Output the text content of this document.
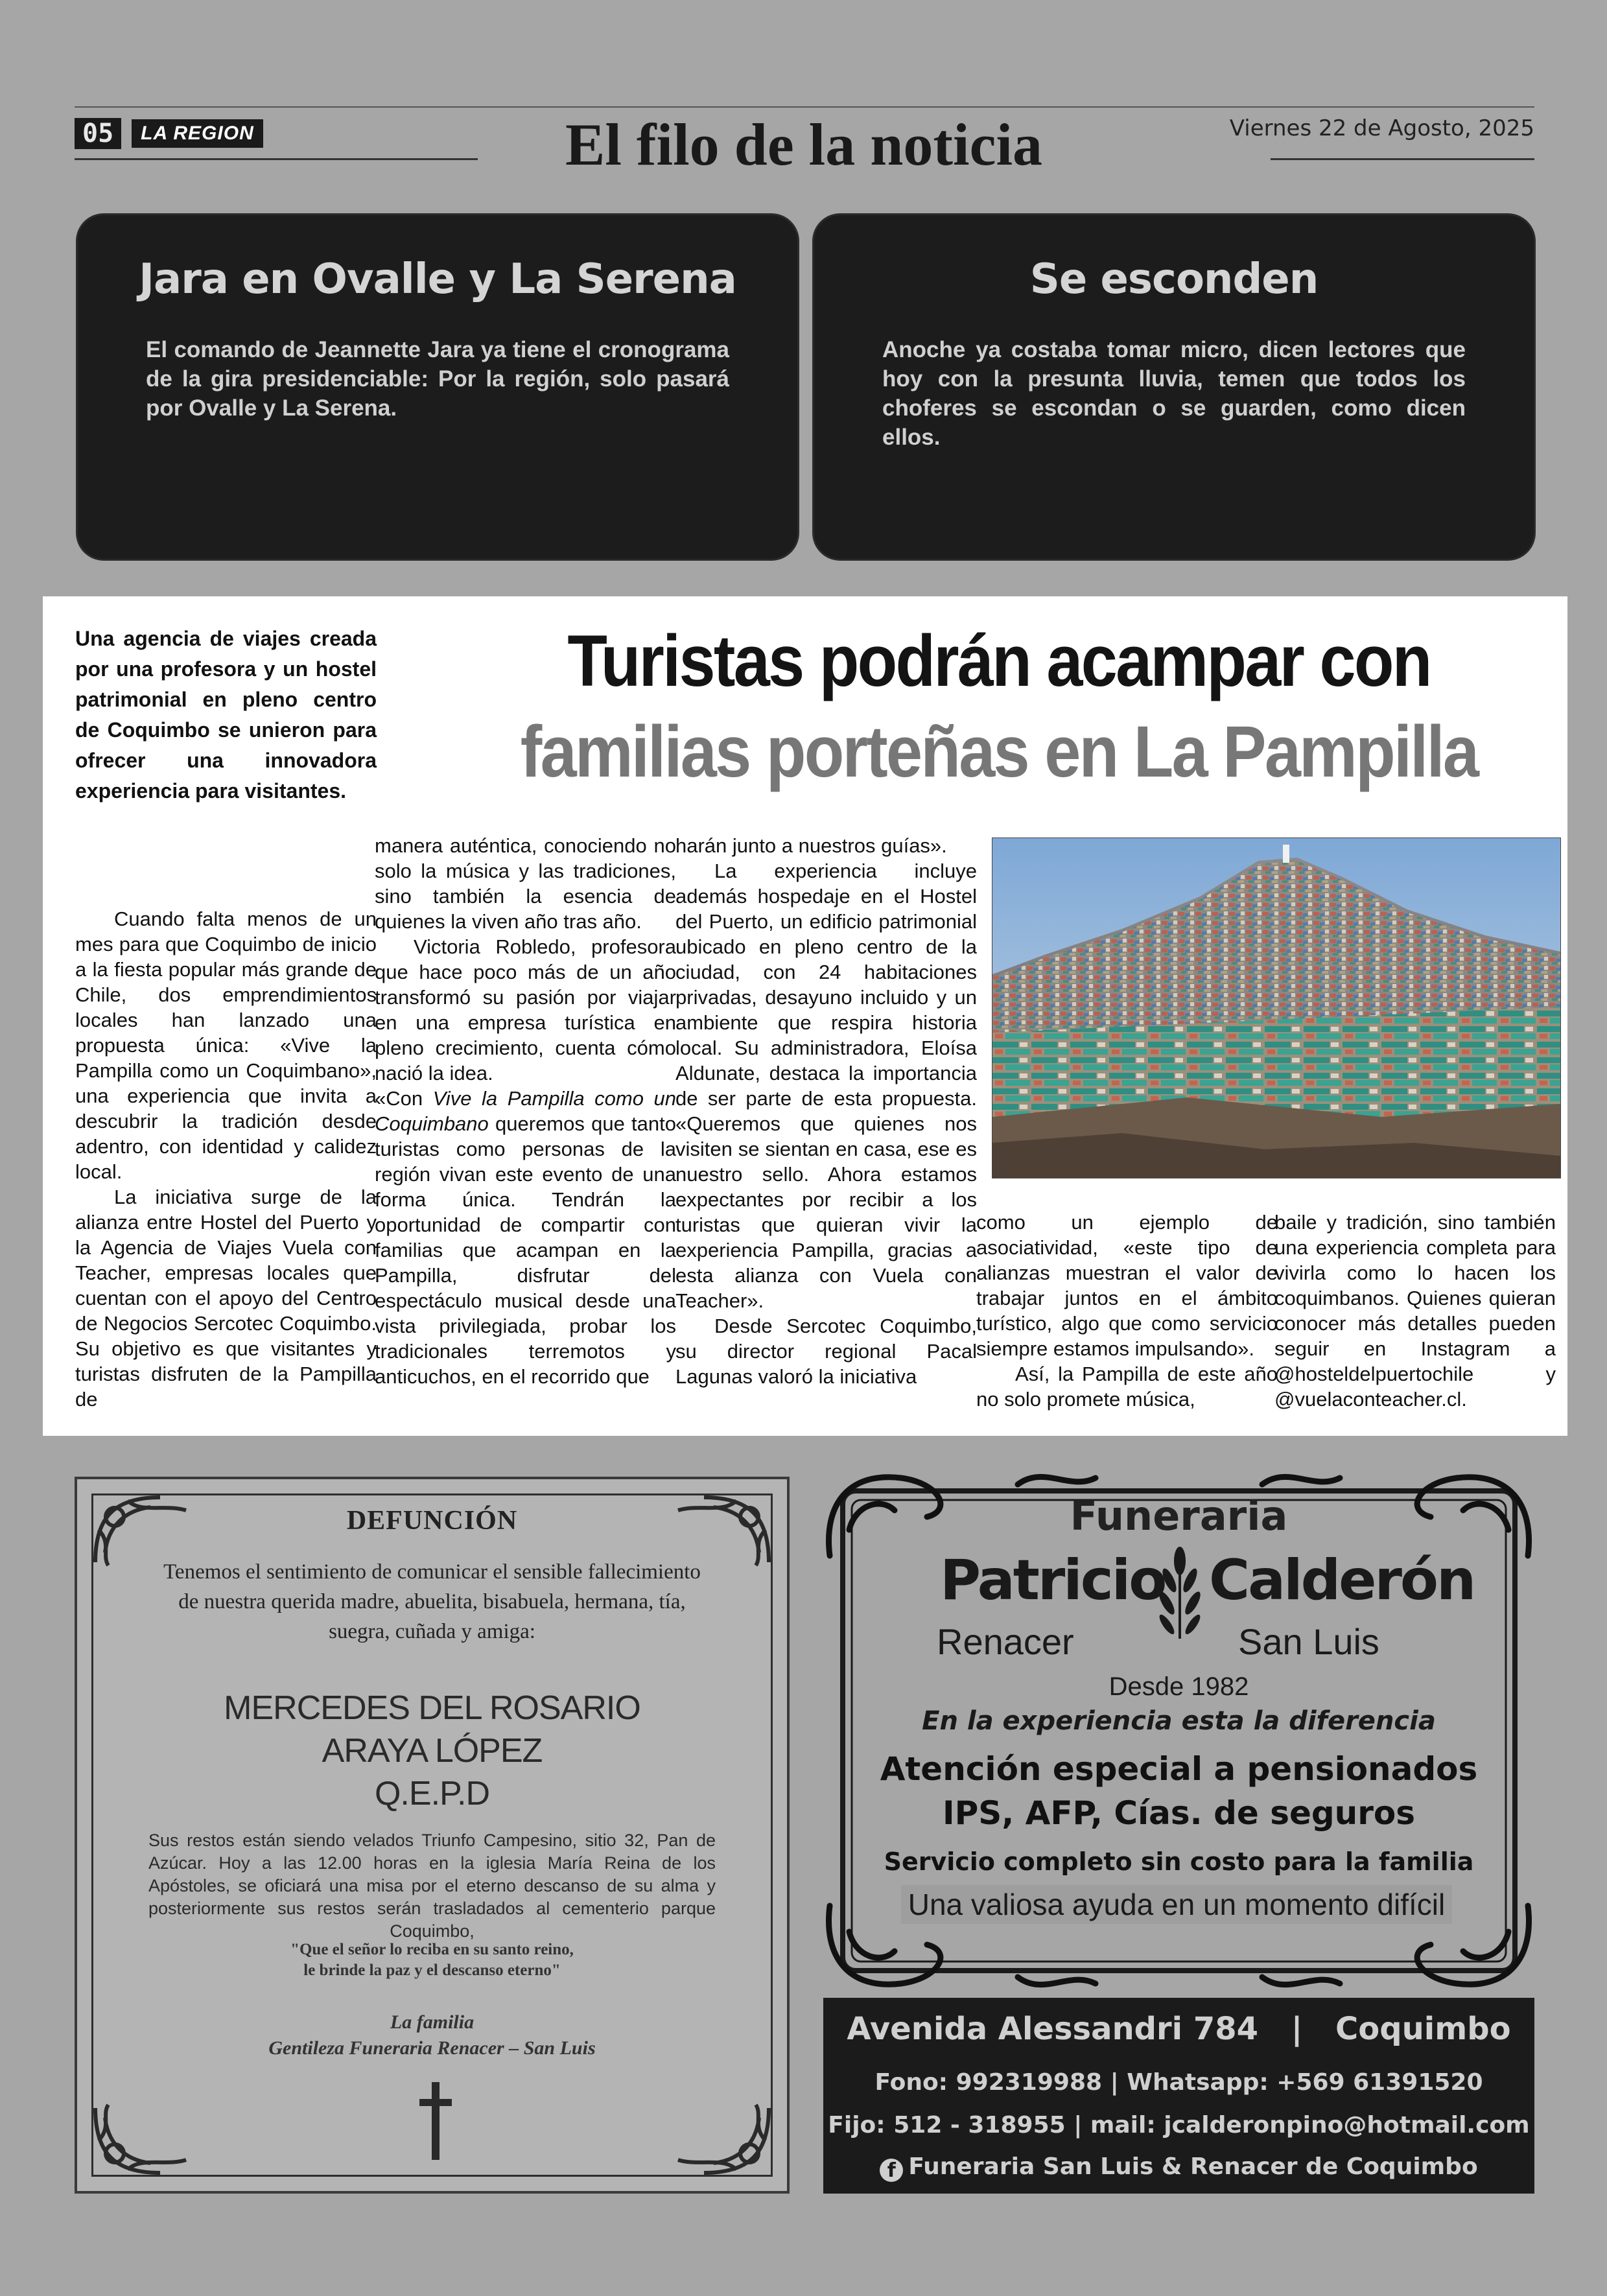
05	LA REGION	El filo de la noticia	Viernes 22 de Agosto, 2025
Jara en Ovalle y La Serena

El comando de Jeannette Jara ya tiene el cronograma de la gira presidenciable: Por la región, solo pasará por Ovalle y La Serena.

Se esconden

Anoche ya costaba tomar micro, dicen lectores que hoy con la presunta lluvia, temen que todos los choferes se escondan o se guarden, como dicen ellos.

Una agencia de viajes creada por una profesora y un hostel patrimonial en pleno centro de Coquimbo se unieron para ofrecer una innovadora experiencia para visitantes.
Turistas podrán acampar con
familias porteñas en La Pampilla

Cuando falta menos de un mes para que Coquimbo de inicio a la fiesta popular más grande de Chile, dos emprendimientos locales han lanzado una propuesta única: «Vive la Pampilla como un Coquimbano», una experiencia que invita a descubrir la tradición desde adentro, con identidad y calidez local.

La iniciativa surge de la alianza entre Hostel del Puerto y la Agencia de Viajes Vuela con Teacher, empresas locales que cuentan con el apoyo del Centro de Negocios Sercotec Coquimbo. Su objetivo es que visitantes y turistas disfruten de la Pampilla de

manera auténtica, conociendo no solo la música y las tradiciones, sino también la esencia de quienes la viven año tras año.

Victoria Robledo, profesora que hace poco más de un año transformó su pasión por viajar en una empresa turística en pleno crecimiento, cuenta cómo nació la idea.

«Con Vive la Pampilla como un Coquimbano queremos que tanto turistas como personas de la región vivan este evento de una forma única. Tendrán la oportunidad de compartir con familias que acampan en la Pampilla, disfrutar del espectáculo musical desde una vista privilegiada, probar los tradicionales terremotos y anticuchos, en el recorrido que

harán junto a nuestros guías».

La experiencia incluye además hospedaje en el Hostel del Puerto, un edificio patrimonial ubicado en pleno centro de la ciudad, con 24 habitaciones privadas, desayuno incluido y un ambiente que respira historia local. Su administradora, Eloísa Aldunate, destaca la importancia de ser parte de esta propuesta. «Queremos que quienes nos visiten se sientan en casa, ese es nuestro sello. Ahora estamos expectantes por recibir a los turistas que quieran vivir la experiencia Pampilla, gracias a esta alianza con Vuela con Teacher».

Desde Sercotec Coquimbo, su director regional Pacal Lagunas valoró la iniciativa

como un ejemplo de asociatividad, «este tipo de alianzas muestran el valor de trabajar juntos en el ámbito turístico, algo que como servicio siempre estamos impulsando».

Así, la Pampilla de este año no solo promete música,

baile y tradición, sino también una experiencia completa para vivirla como lo hacen los coquimbanos. Quienes quieran conocer más detalles pueden seguir en Instagram a @hosteldelpuertochile y @vuelaconteacher.cl.

DEFUNCIÓN
Tenemos el sentimiento de comunicar el sensible fallecimiento de nuestra querida madre, abuelita, bisabuela, hermana, tía, suegra, cuñada y amiga:
MERCEDES DEL ROSARIO
ARAYA LÓPEZ
Q.E.P.D
Sus restos están siendo velados Triunfo Campesino, sitio 32, Pan de Azúcar. Hoy a las 12.00 horas en la iglesia María Reina de los Apóstoles, se oficiará una misa por el eterno descanso de su alma y posteriormente sus restos serán trasladados al cementerio parque Coquimbo,
"Que el señor lo reciba en su santo reino,
le brinde la paz y el descanso eterno"
La familia
Gentileza Funeraria Renacer – San Luis
Funeraria
Patricio Calderón
Renacer	San Luis
Desde 1982
En la experiencia esta la diferencia
Atención especial a pensionados
IPS, AFP, Cías. de seguros
Servicio completo sin costo para la familia
Una valiosa ayuda en un momento difícil
Avenida Alessandri 784 | Coquimbo
Fono: 992319988 | Whatsapp: +569 61391520
Fijo: 512 - 318955 | mail: jcalderonpino@hotmail.com
f Funeraria San Luis & Renacer de Coquimbo
